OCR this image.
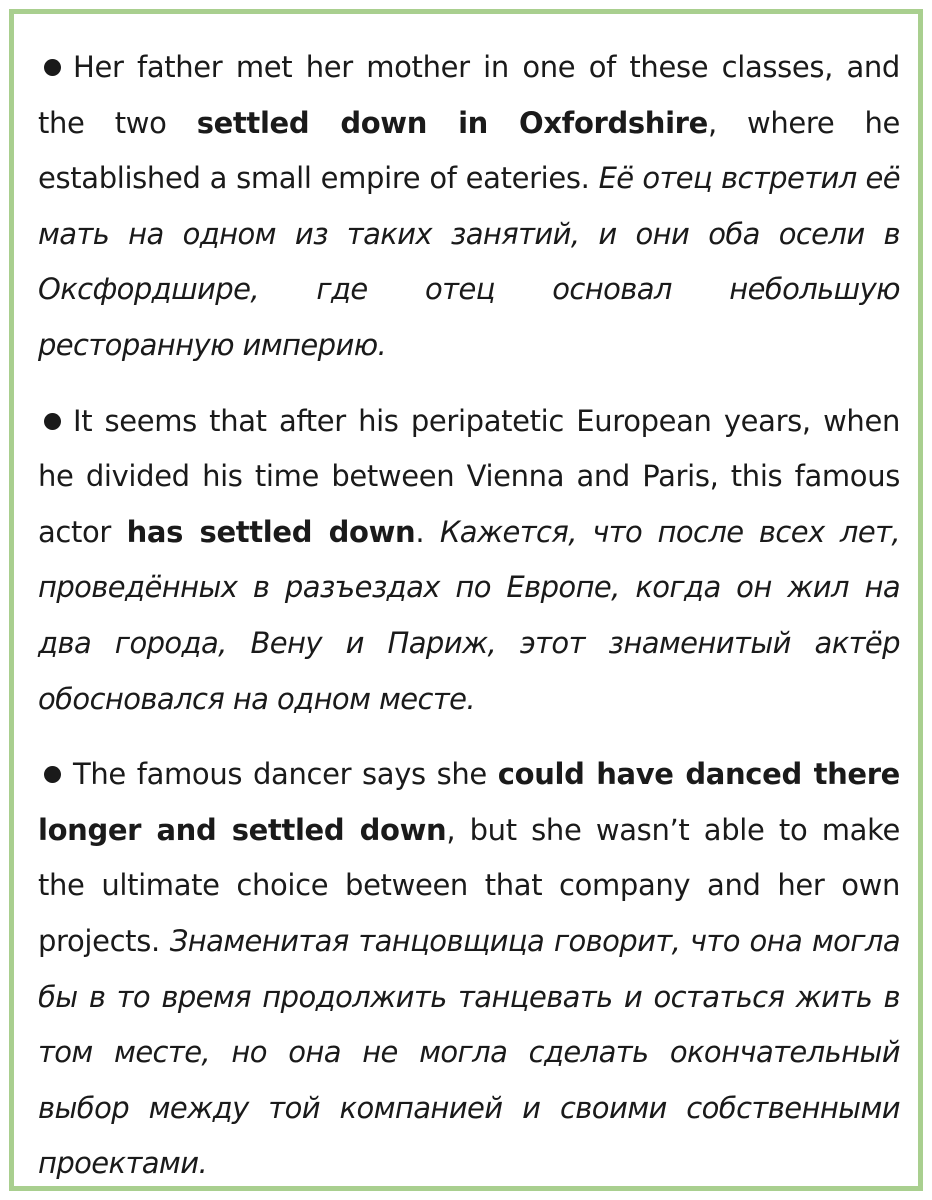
Her father met her mother in one of these classes, and the two settled down in Oxfordshire, where he established a small empire of eateries. Её отец встретил её мать на одном из таких занятий, и они оба осели в Оксфордшире, где отец основал небольшую ресторанную империю.

It seems that after his peripatetic European years, when he divided his time between Vienna and Paris, this famous actor has settled down. Кажется, что после всех лет, проведённых в разъездах по Европе, когда он жил на два города, Вену и Париж, этот знаменитый актёр обосновался на одном месте.

The famous dancer says she could have danced there longer and settled down, but she wasn’t able to make the ultimate choice between that company and her own projects. Знаменитая танцовщица говорит, что она могла бы в то время продолжить танцевать и остаться жить в том месте, но она не могла сделать окончательный выбор между той компанией и своими собственными проектами.
